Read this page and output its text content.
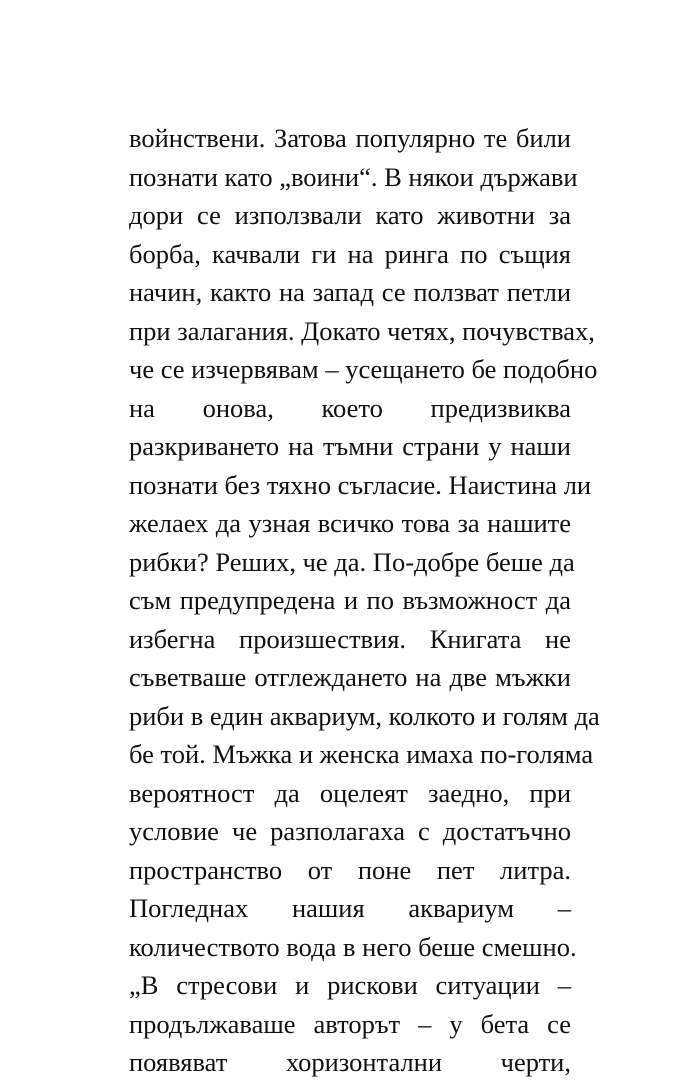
войнствени. Затова популярно те били
познати като „воини“. В някои държави
дори се използвали като животни за
борба, качвали ги на ринга по същия
начин, както на запад се ползват петли
при залагания. Докато четях, почувствах,
че се изчервявам – усещането бе подобно
на онова, което предизвиква
разкриването на тъмни страни у наши
познати без тяхно съгласие. Наистина ли
желаех да узная всичко това за нашите
рибки? Реших, че да. По-добре беше да
съм предупредена и по възможност да
избегна произшествия. Книгата не
съветваше отглеждането на две мъжки
риби в един аквариум, колкото и голям да
бе той. Мъжка и женска имаха по-голяма
вероятност да оцелеят заедно, при
условие че разполагаха с достатъчно
пространство от поне пет литра.
Погледнах нашия аквариум –
количеството вода в него беше смешно.
„В стресови и рискови ситуации –
продължаваше авторът – у бета се
появяват хоризонтални черти,
